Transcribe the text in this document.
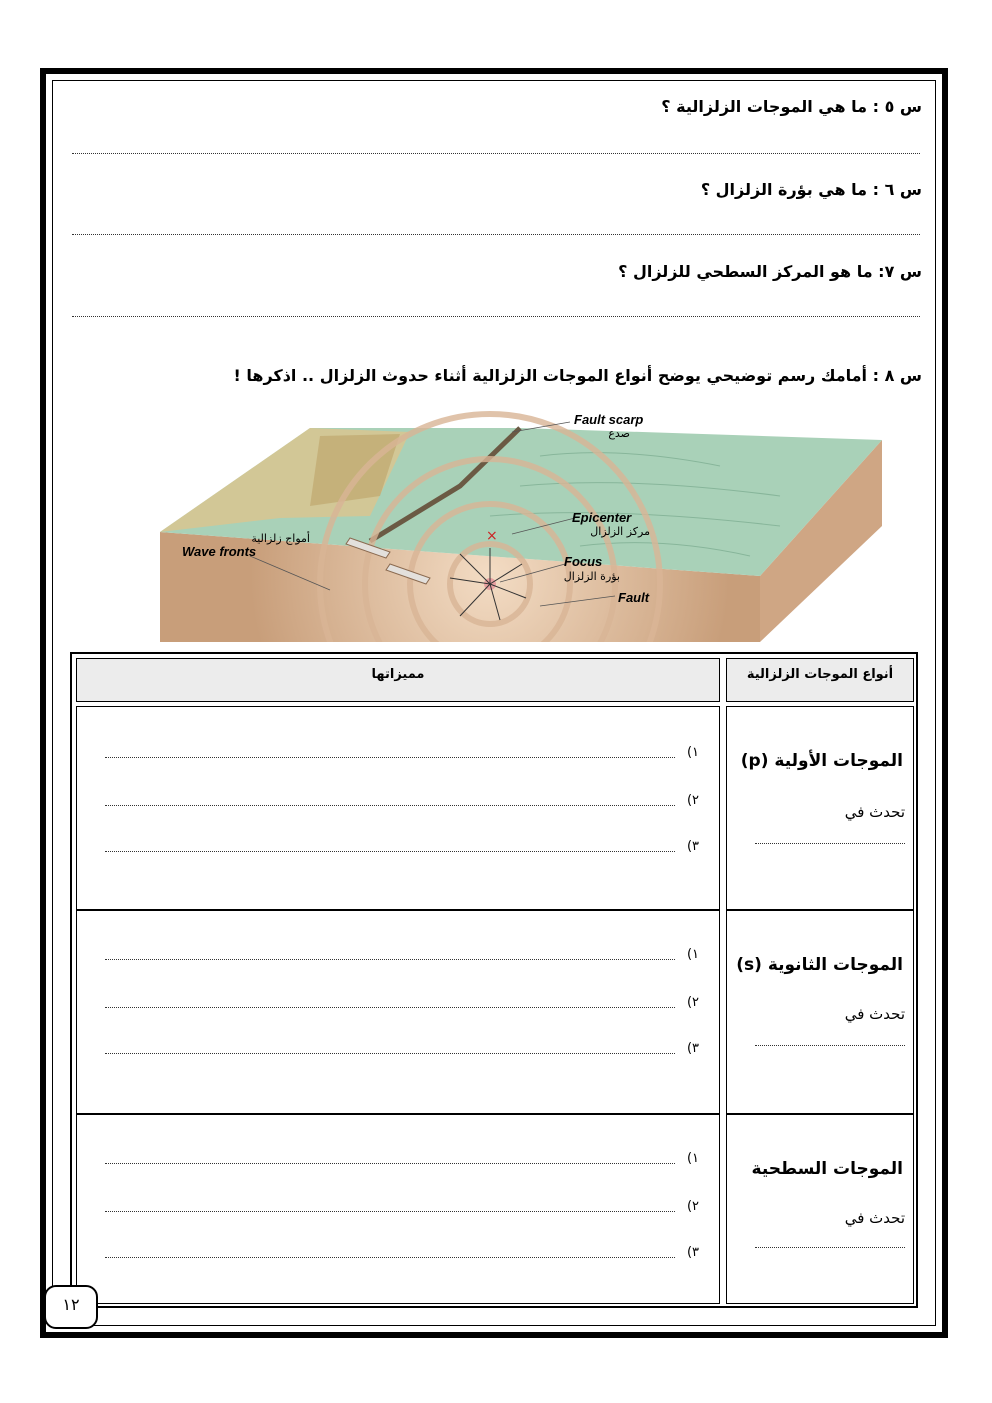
س ٥ : ما هي الموجات الزلزالية ؟
س ٦ : ما هي بؤرة الزلزال ؟
س ٧: ما هو المركز السطحي للزلزال ؟
س ٨ : أمامك رسم توضيحي يوضح أنواع الموجات الزلزالية أثناء حدوث الزلزال .. اذكرها !
×
Fault scarp
صدع
Epicenter
مركز الزلزال
أمواج زلزالية
Wave fronts
Focus
بؤرة الزلزال
Fault
مميزاتها	أنواع الموجات الزلزالية
١)
٢)
٣)
الموجات الأولية (p)
تحدث في
١)
٢)
٣)
الموجات الثانوية (s)
تحدث في
١)
٢)
٣)
الموجات السطحية
تحدث في
١٢
